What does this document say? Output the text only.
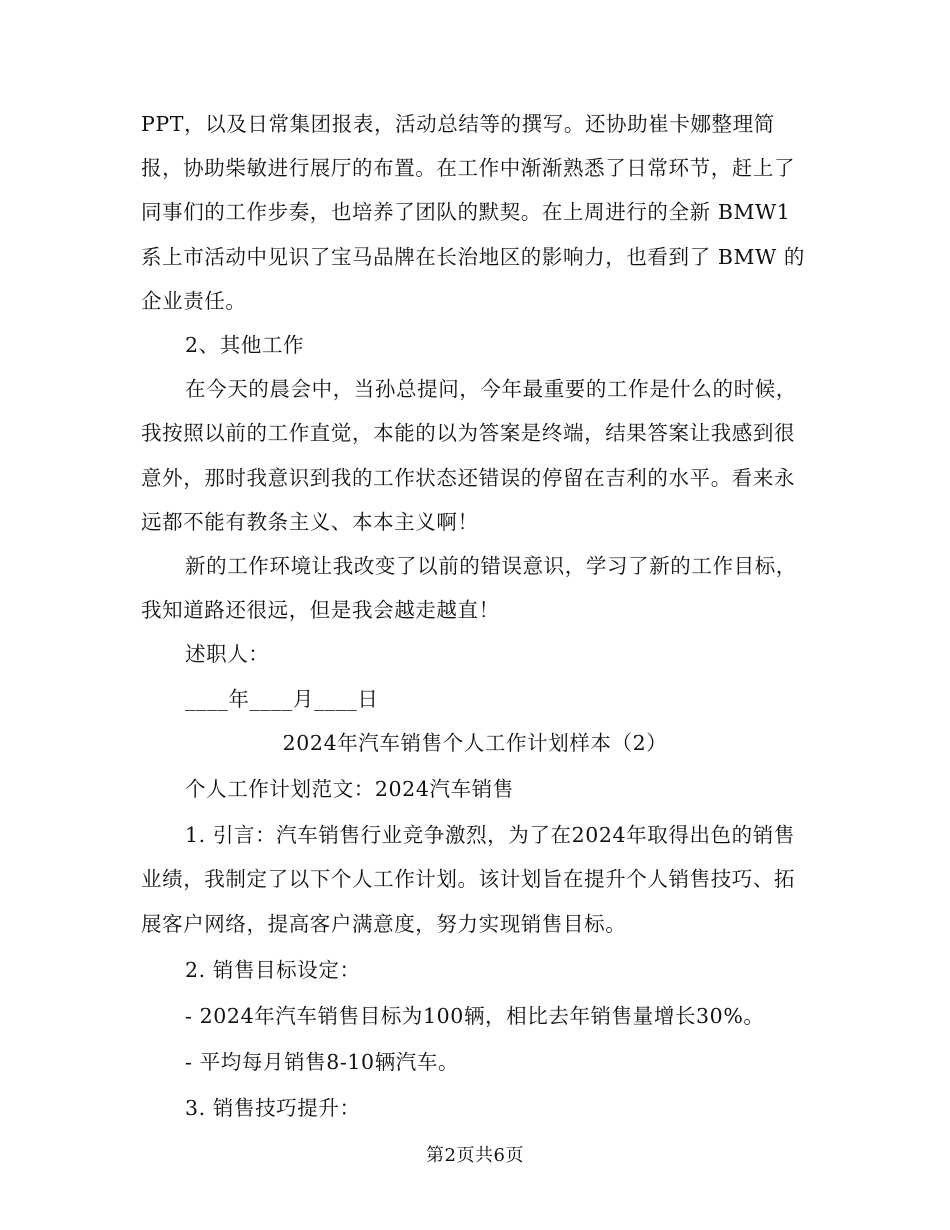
PPT，以及日常集团报表，活动总结等的撰写。还协助崔卡娜整理简报，协助柴敏进行展厅的布置。在工作中渐渐熟悉了日常环节，赶上了同事们的工作步奏，也培养了团队的默契。在上周进行的全新 BMW1系上市活动中见识了宝马品牌在长治地区的影响力，也看到了 BMW 的企业责任。

2、其他工作

在今天的晨会中，当孙总提问，今年最重要的工作是什么的时候，我按照以前的工作直觉，本能的以为答案是终端，结果答案让我感到很意外，那时我意识到我的工作状态还错误的停留在吉利的水平。看来永远都不能有教条主义、本本主义啊！

新的工作环境让我改变了以前的错误意识，学习了新的工作目标，我知道路还很远，但是我会越走越直！

述职人：

____年____月____日

2024年汽车销售个人工作计划样本（2）

个人工作计划范文：2024汽车销售

1. 引言：汽车销售行业竞争激烈，为了在2024年取得出色的销售业绩，我制定了以下个人工作计划。该计划旨在提升个人销售技巧、拓展客户网络，提高客户满意度，努力实现销售目标。

2. 销售目标设定：

- 2024年汽车销售目标为100辆，相比去年销售量增长30%。

- 平均每月销售8-10辆汽车。

3. 销售技巧提升：

第2页共6页
